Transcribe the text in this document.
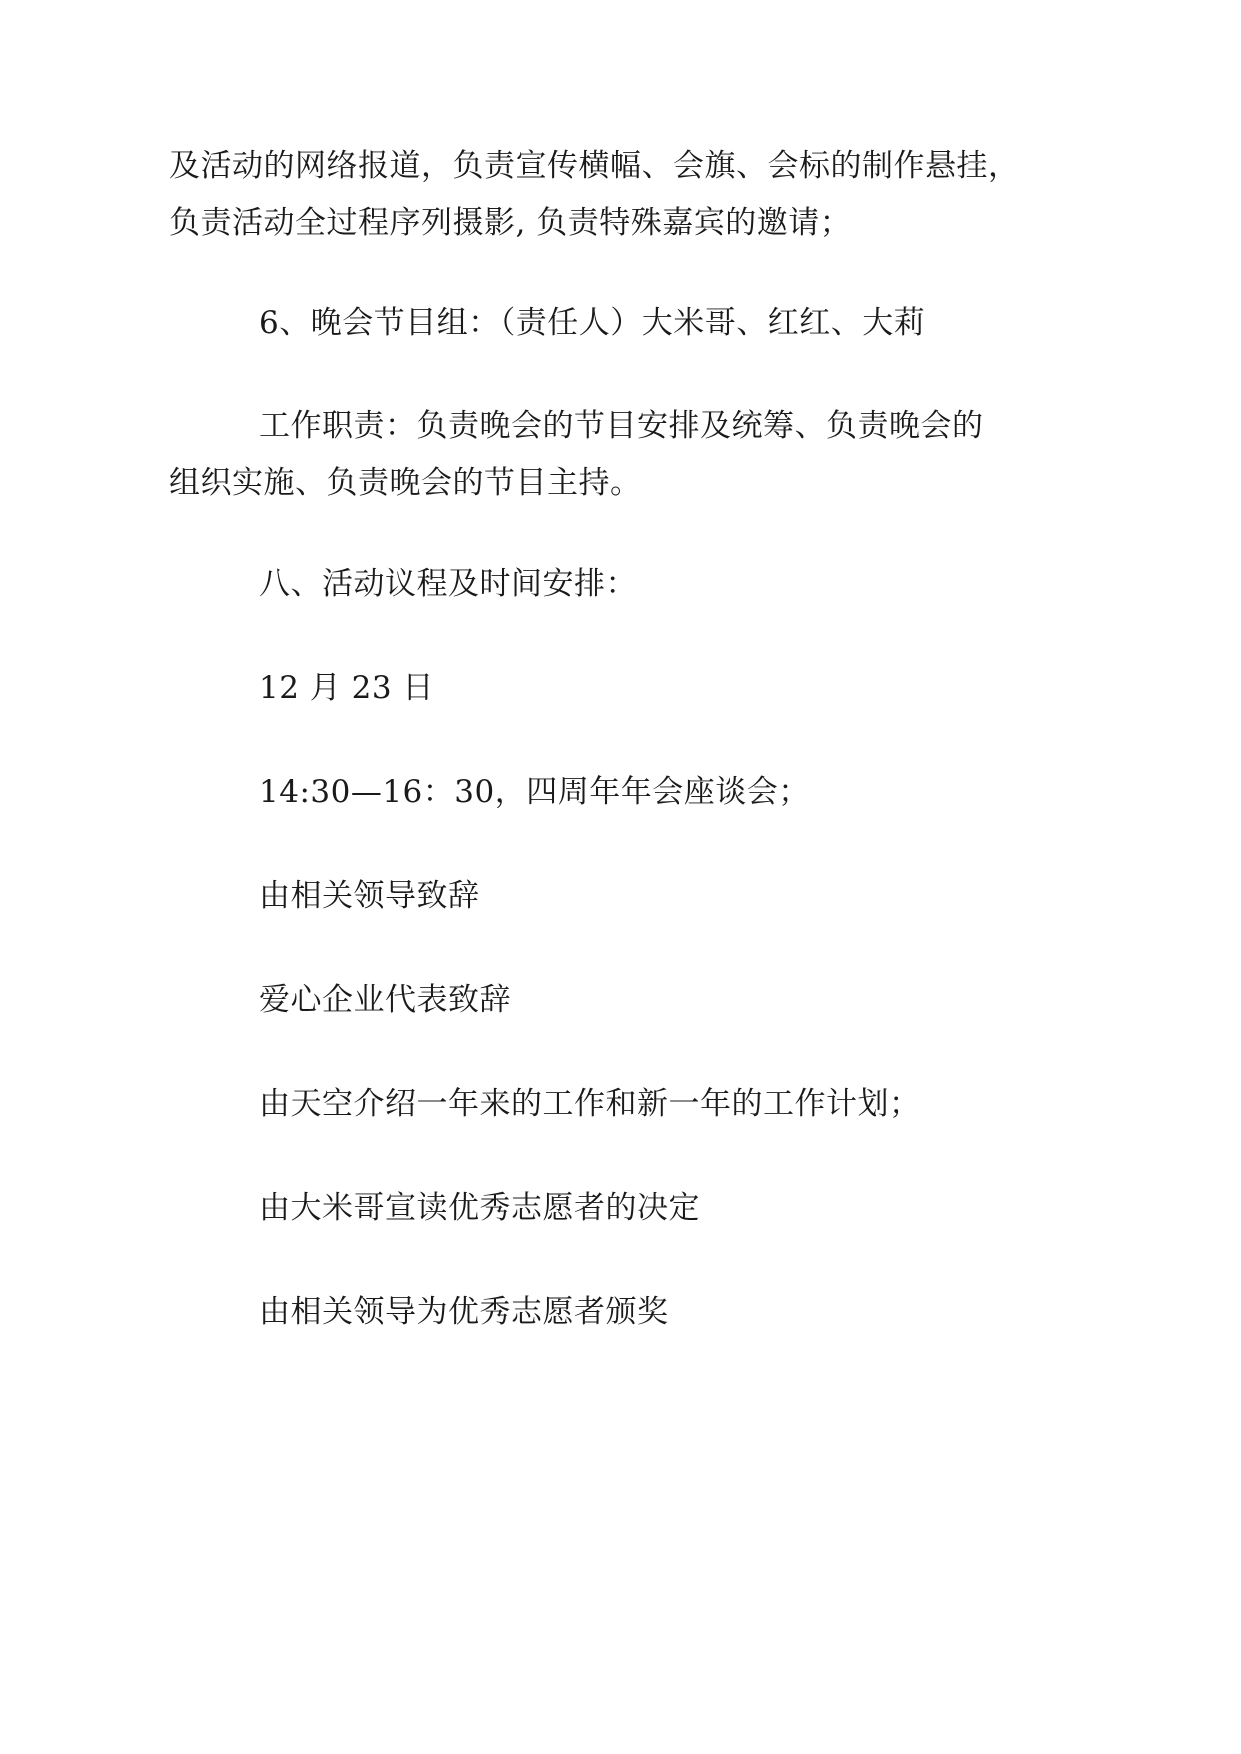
及活动的网络报道，负责宣传横幅、会旗、会标的制作悬挂，
负责活动全过程序列摄影, 负责特殊嘉宾的邀请；

6、晚会节目组：（责任人）大米哥、红红、大莉

工作职责：负责晚会的节目安排及统筹、负责晚会的
组织实施、负责晚会的节目主持。

八、活动议程及时间安排：

12 月 23 日

14:30—16：30，四周年年会座谈会；

由相关领导致辞

爱心企业代表致辞

由天空介绍一年来的工作和新一年的工作计划；

由大米哥宣读优秀志愿者的决定

由相关领导为优秀志愿者颁奖
